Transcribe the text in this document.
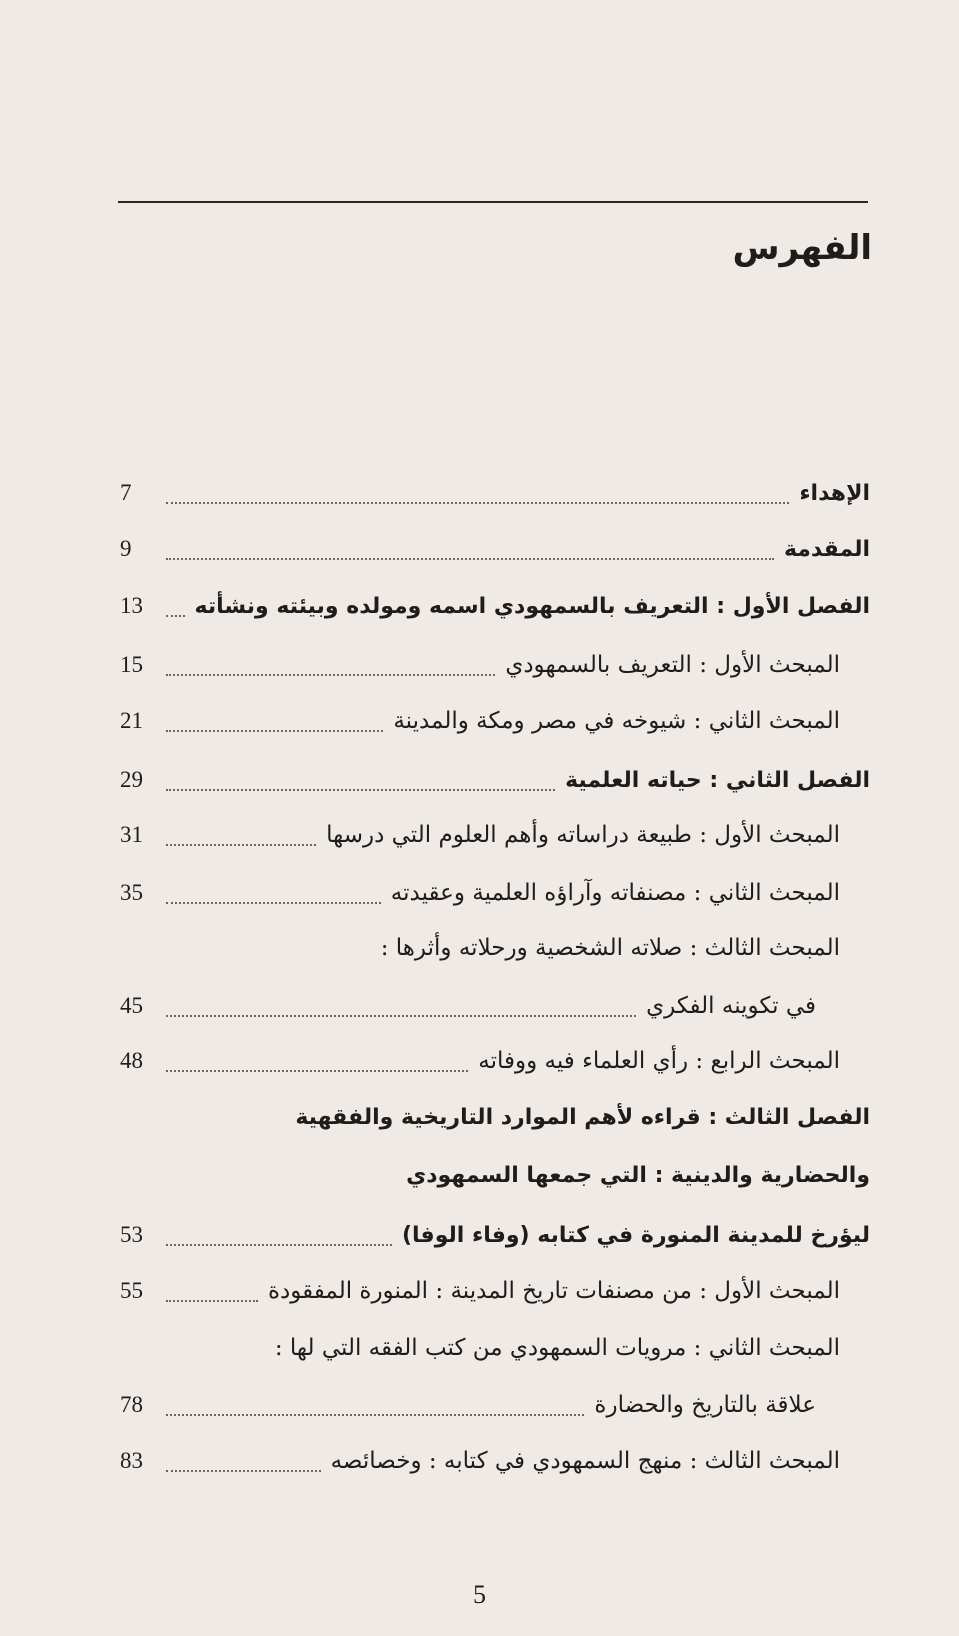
الفهرس
الإهداء
7
المقدمة
9
الفصل الأول : التعريف بالسمهودي اسمه ومولده وبيئته ونشأته
13
المبحث الأول : التعريف بالسمهودي
15
المبحث الثاني : شيوخه في مصر ومكة والمدينة
21
الفصل الثاني : حياته العلمية
29
المبحث الأول : طبيعة دراساته وأهم العلوم التي درسها
31
المبحث الثاني : مصنفاته وآراؤه العلمية وعقيدته
35
المبحث الثالث : صلاته الشخصية ورحلاته وأثرها :
في تكوينه الفكري
45
المبحث الرابع : رأي العلماء فيه ووفاته
48
الفصل الثالث : قراءه لأهم الموارد التاريخية والفقهية
والحضارية والدينية : التي جمعها السمهودي
ليؤرخ للمدينة المنورة في كتابه (وفاء الوفا)
53
المبحث الأول : من مصنفات تاريخ المدينة : المنورة المفقودة
55
المبحث الثاني : مرويات السمهودي من كتب الفقه التي لها :
علاقة بالتاريخ والحضارة
78
المبحث الثالث : منهج السمهودي في كتابه : وخصائصه
83
5
